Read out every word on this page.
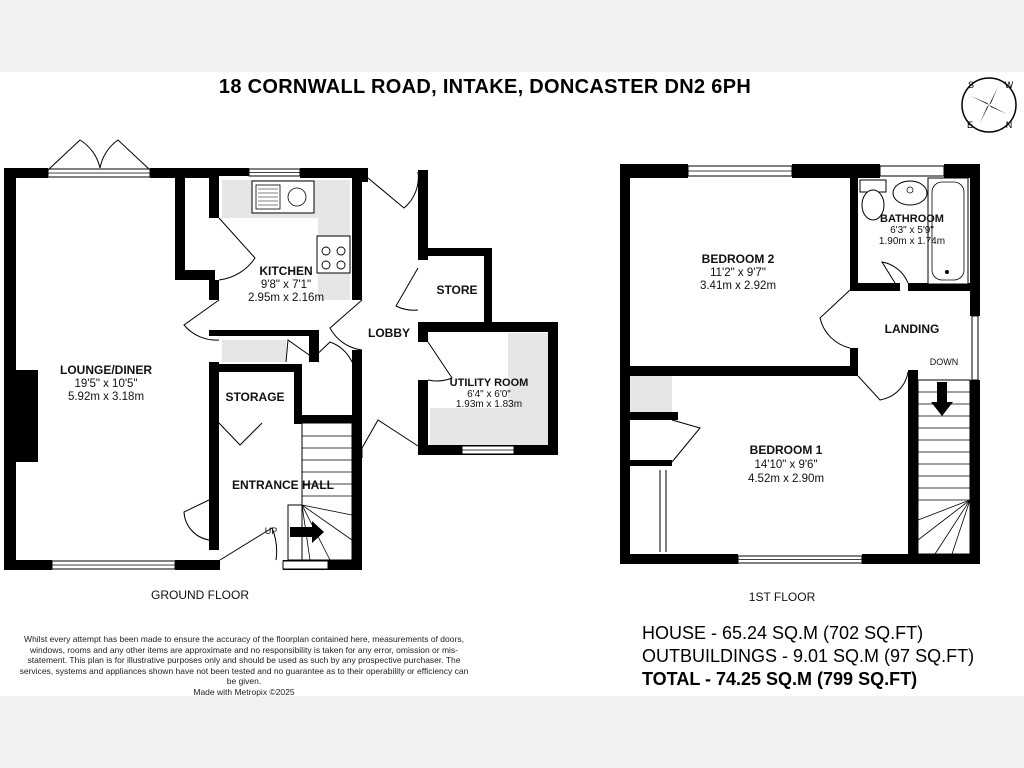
18 CORNWALL ROAD, INTAKE, DONCASTER DN2 6PH	S	W
N
E
LOUNGE/DINER
19'5" x 10'5"
5.92m x 3.18m
KITCHEN
9'8" x 7'1"
2.95m x 2.16m
STORAGE
ENTRANCE HALL
UP
LOBBY
STORE
UTILITY ROOM
6'4" x 6'0"
1.93m x 1.83m
GROUND FLOOR
BEDROOM 2
11'2" x 9'7"
3.41m x 2.92m
BATHROOM
6'3" x 5'9"
1.90m x 1.74m
LANDING
DOWN
BEDROOM 1
14'10" x 9'6"
4.52m x 2.90m
1ST FLOOR
HOUSE - 65.24 SQ.M (702 SQ.FT)
OUTBUILDINGS - 9.01 SQ.M (97 SQ.FT)
TOTAL - 74.25 SQ.M (799 SQ.FT)
Whilst every attempt has been made to ensure the accuracy of the floorplan contained here, measurements of doors, windows, rooms and any other items are approximate and no responsibility is taken for any error, omission or mis-statement. This plan is for illustrative purposes only and should be used as such by any prospective purchaser. The services, systems and appliances shown have not been tested and no guarantee as to their operability or efficiency can be given.
Made with Metropix ©2025
